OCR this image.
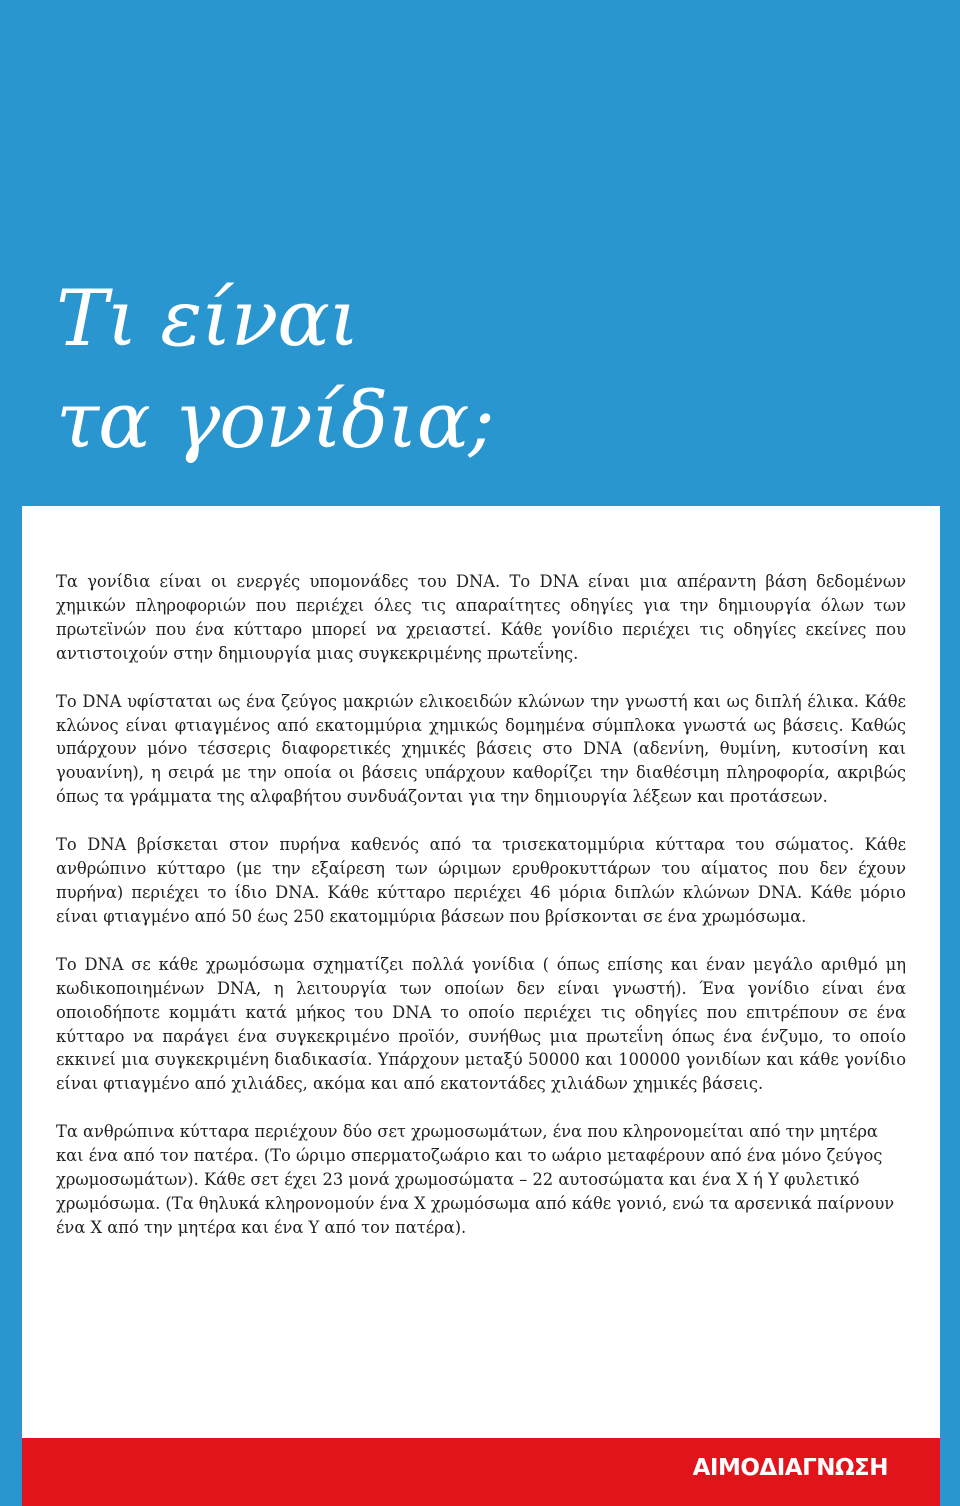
Τι είναι
τα γονίδια;

Τα γονίδια είναι οι ενεργές υπομονάδες του DNA. Το DNA είναι μια απέραντη βάση δεδομένων χημικών πληροφοριών που περιέχει όλες τις απαραίτητες οδηγίες για την δημιουργία όλων των πρωτεϊνών που ένα κύτταρο μπορεί να χρειαστεί. Κάθε γονίδιο περιέχει τις οδηγίες εκείνες που αντιστοιχούν στην δημιουργία μιας συγκεκριμένης πρωτεΐνης.

Το DNA υφίσταται ως ένα ζεύγος μακριών ελικοειδών κλώνων την γνωστή και ως διπλή έλικα. Κάθε κλώνος είναι φτιαγμένος από εκατομμύρια χημικώς δομημένα σύμπλοκα γνωστά ως βάσεις. Καθώς υπάρχουν μόνο τέσσερις διαφορετικές χημικές βάσεις στο DNA (αδενίνη, θυμίνη, κυτοσίνη και γουανίνη), η σειρά με την οποία οι βάσεις υπάρχουν καθορίζει την διαθέσιμη πληροφορία, ακριβώς όπως τα γράμματα της αλφαβήτου συνδυάζονται για την δημιουργία λέξεων και προτάσεων.

Το DNA βρίσκεται στον πυρήνα καθενός από τα τρισεκατομμύρια κύτταρα του σώματος. Κάθε ανθρώπινο κύτταρο (με την εξαίρεση των ώριμων ερυθροκυττάρων του αίματος που δεν έχουν πυρήνα) περιέχει το ίδιο DNA. Κάθε κύτταρο περιέχει 46 μόρια διπλών κλώνων DNA. Κάθε μόριο είναι φτιαγμένο από 50 έως 250 εκατομμύρια βάσεων που βρίσκονται σε ένα χρωμόσωμα.

Το DNA σε κάθε χρωμόσωμα σχηματίζει πολλά γονίδια ( όπως επίσης και έναν μεγάλο αριθμό μη κωδικοποιημένων DNA, η λειτουργία των οποίων δεν είναι γνωστή). Ένα γονίδιο είναι ένα οποιοδήποτε κομμάτι κατά μήκος του DNA το οποίο περιέχει τις οδηγίες που επιτρέπουν σε ένα κύτταρο να παράγει ένα συγκεκριμένο προϊόν, συνήθως μια πρωτεΐνη όπως ένα ένζυμο, το οποίο εκκινεί μια συγκεκριμένη διαδικασία. Υπάρχουν μεταξύ 50000 και 100000 γονιδίων και κάθε γονίδιο είναι φτιαγμένο από χιλιάδες, ακόμα και από εκατοντάδες χιλιάδων χημικές βάσεις.

Τα ανθρώπινα κύτταρα περιέχουν δύο σετ χρωμοσωμάτων, ένα που κληρονομείται από την μητέρα και ένα από τον πατέρα. (Το ώριμο σπερματοζωάριο και το ωάριο μεταφέρουν από ένα μόνο ζεύγος χρωμοσωμάτων). Κάθε σετ έχει 23 μονά χρωμοσώματα – 22 αυτοσώματα και ένα Χ ή Υ φυλετικό χρωμόσωμα. (Τα θηλυκά κληρονομούν ένα Χ χρωμόσωμα από κάθε γονιό, ενώ τα αρσενικά παίρνουν ένα Χ από την μητέρα και ένα Υ από τον πατέρα).

ΑΙΜΟΔΙΑΓΝΩΣΗ
